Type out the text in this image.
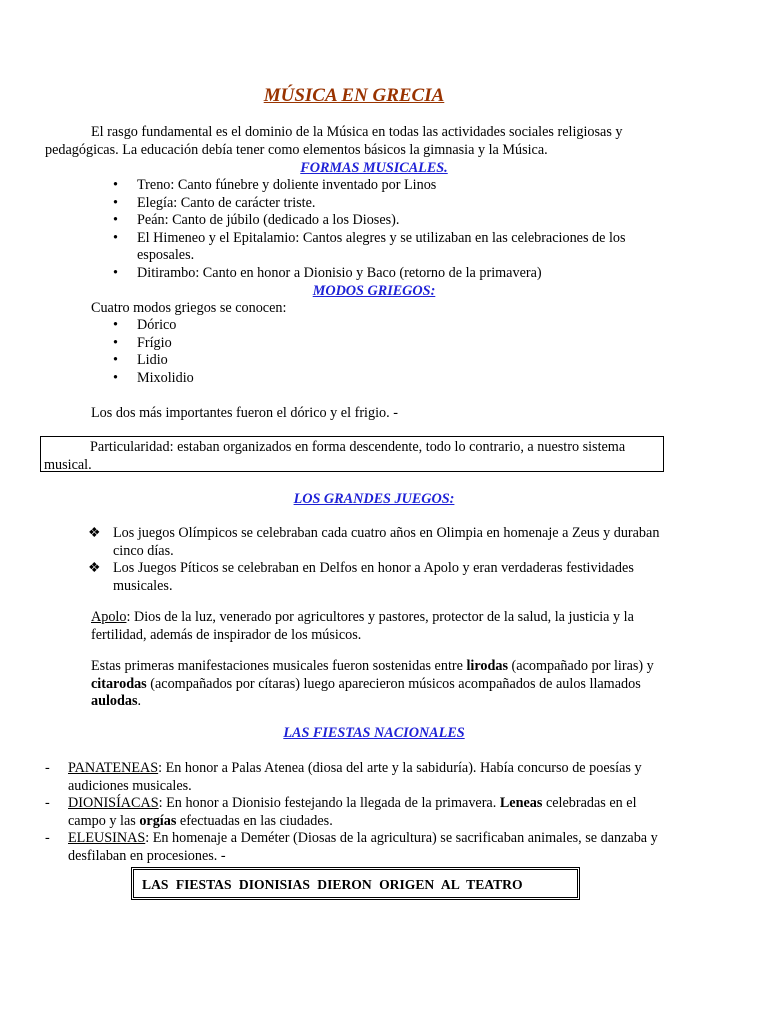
MÚSICA EN GRECIA
El rasgo fundamental es el dominio de la Música en todas las actividades sociales religiosas y pedagógicas. La educación debía tener como elementos básicos la gimnasia y la Música.
FORMAS MUSICALES.
• Treno: Canto fúnebre y doliente inventado por Linos
• Elegía: Canto de carácter triste.
• Peán: Canto de júbilo (dedicado a los Dioses).
• El Himeneo y el Epitalamio: Cantos alegres y se utilizaban en las celebraciones de los esposales.
• Ditirambo: Canto en honor a Dionisio y Baco (retorno de la primavera)
MODOS GRIEGOS:
Cuatro modos griegos se conocen:
• Dórico
• Frígio
• Lidio
• Mixolidio
Los dos más importantes fueron el dórico y el frigio. -
Particularidad: estaban organizados en forma descendente, todo lo contrario, a nuestro sistema musical.
LOS GRANDES JUEGOS:
❖ Los juegos Olímpicos se celebraban cada cuatro años en Olimpia en homenaje a Zeus y duraban cinco días.
❖ Los Juegos Píticos se celebraban en Delfos en honor a Apolo y eran verdaderas festividades musicales.
Apolo: Dios de la luz, venerado por agricultores y pastores, protector de la salud, la justicia y la fertilidad, además de inspirador de los músicos.
Estas primeras manifestaciones musicales fueron sostenidas entre lirodas (acompañado por liras) y citarodas (acompañados por cítaras) luego aparecieron músicos acompañados de aulos llamados aulodas.
LAS FIESTAS NACIONALES
- PANATENEAS: En honor a Palas Atenea (diosa del arte y la sabiduría). Había concurso de poesías y audiciones musicales.
- DIONISÍACAS: En honor a Dionisio festejando la llegada de la primavera. Leneas celebradas en el campo y las orgías efectuadas en las ciudades.
- ELEUSINAS: En homenaje a Deméter (Diosas de la agricultura) se sacrificaban animales, se danzaba y desfilaban en procesiones. -
LAS FIESTAS DIONISIAS DIERON ORIGEN AL TEATRO
